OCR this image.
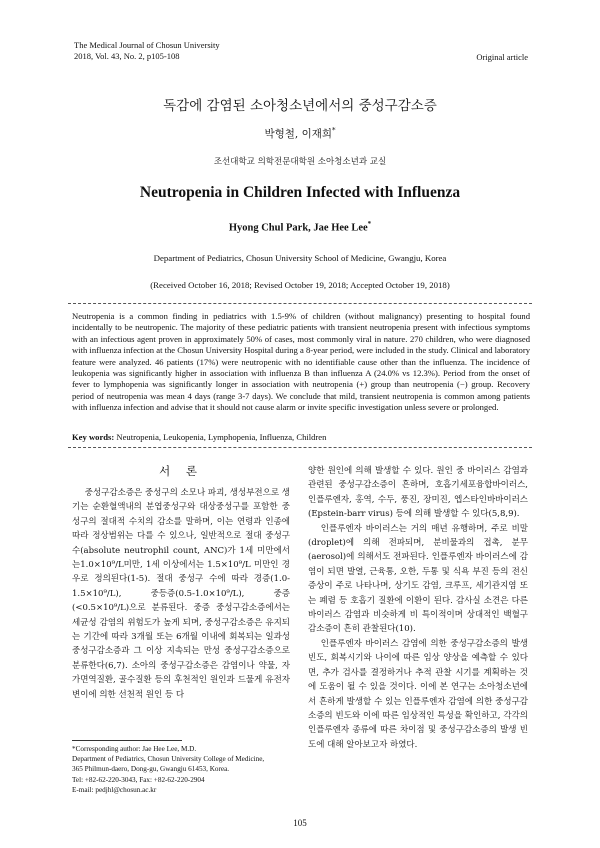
The Medical Journal of Chosun University
2018, Vol. 43, No. 2, p105-108	Original article
독감에 감염된 소아청소년에서의 중성구감소증
박형철, 이재희*
조선대학교 의학전문대학원 소아청소년과 교실
Neutropenia in Children Infected with Influenza
Hyong Chul Park, Jae Hee Lee*
Department of Pediatrics, Chosun University School of Medicine, Gwangju, Korea
(Received October 16, 2018; Revised October 19, 2018; Accepted October 19, 2018)
Neutropenia is a common finding in pediatrics with 1.5-9% of children (without malignancy) presenting to hospital found incidentally to be neutropenic. The majority of these pediatric patients with transient neutropenia present with infectious symptoms with an infectious agent proven in approximately 50% of cases, most commonly viral in nature. 270 children, who were diagnosed with influenza infection at the Chosun University Hospital during a 8-year period, were included in the study. Clinical and laboratory feature were analyzed. 46 patients (17%) were neutropenic with no identifiable cause other than the influenza. The incidence of leukopenia was significantly higher in association with influenza B than influenza A (24.0% vs 12.3%). Period from the onset of fever to lymphopenia was significantly longer in association with neutropenia (+) group than neutropenia (−) group. Recovery period of neutropenia was mean 4 days (range 3-7 days). We conclude that mild, transient neutropenia is common among patients with influenza infection and advise that it should not cause alarm or invite specific investigation unless severe or prolonged.
Key words: Neutropenia, Leukopenia, Lymphopenia, Influenza, Children
서 론

중성구감소증은 중성구의 소모나 파괴, 생성부전으로 생기는 순환혈액내의 분엽중성구와 대상중성구를 포함한 중성구의 절대적 수치의 감소를 말하며, 이는 연령과 인종에 따라 정상범위는 다를 수 있으나, 일반적으로 절대 중성구 수(absolute neutrophil count, ANC)가 1세 미만에서는1.0×10⁹/L미만, 1세 이상에서는 1.5×10⁹/L 미만인 경우로 정의된다(1-5). 절대 중성구 수에 따라 경증(1.0-1.5×10⁹/L), 중등증(0.5-1.0×10⁹/L), 중증(<0.5×10⁹/L)으로 분류된다. 중증 중성구감소증에서는 세균성 감염의 위험도가 높게 되며, 중성구감소증은 유지되는 기간에 따라 3개월 또는 6개월 이내에 회복되는 일과성 중성구감소증과 그 이상 지속되는 만성 중성구감소증으로 분류한다(6,7). 소아의 중성구감소증은 감염이나 약물, 자가면역질환, 골수질환 등의 후천적인 원인과 드물게 유전자 변이에 의한 선천적 원인 등 다

양한 원인에 의해 발생할 수 있다. 원인 중 바이러스 감염과 관련된 중성구감소증이 흔하며, 호흡기세포융합바이러스, 인플루엔자, 홍역, 수두, 풍진, 장미진, 엡스타인바바이러스(Epstein-barr virus) 등에 의해 발생할 수 있다(5,8,9).

인플루엔자 바이러스는 거의 매년 유행하며, 주로 비말(droplet)에 의해 전파되며, 분비물과의 접촉, 분무(aerosol)에 의해서도 전파된다. 인플루엔자 바이러스에 감염이 되면 발열, 근육통, 오한, 두통 및 식욕 부진 등의 전신 증상이 주로 나타나며, 상기도 감염, 크루프, 세기관지염 또는 폐렴 등 호흡기 질환에 이환이 된다. 감사실 소견은 다른 바이러스 감염과 비슷하게 비 특이적이며 상대적인 백혈구감소증이 흔히 관찰된다(10).

인플루엔자 바이러스 감염에 의한 중성구감소증의 발생 빈도, 회복시기와 나이에 따른 임상 양상을 예측할 수 있다면, 추가 검사를 결정하거나 추적 관찰 시기를 계획하는 것에 도움이 될 수 있을 것이다. 이에 본 연구는 소아청소년에서 흔하게 발생할 수 있는 인플루엔자 감염에 의한 중성구감소증의 빈도와 이에 따른 임상적인 특성을 확인하고, 각각의 인플루엔자 종류에 따른 차이점 및 중성구감소증의 발생 빈도에 대해 알아보고자 하였다.

*Corresponding author: Jae Hee Lee, M.D.
Department of Pediatrics, Chosun University College of Medicine,
365 Philmun-daero, Dong-gu, Gwangju 61453, Korea.
Tel: +82-62-220-3043, Fax: +82-62-220-2904
E-mail: pedjhl@chosun.ac.kr
105
